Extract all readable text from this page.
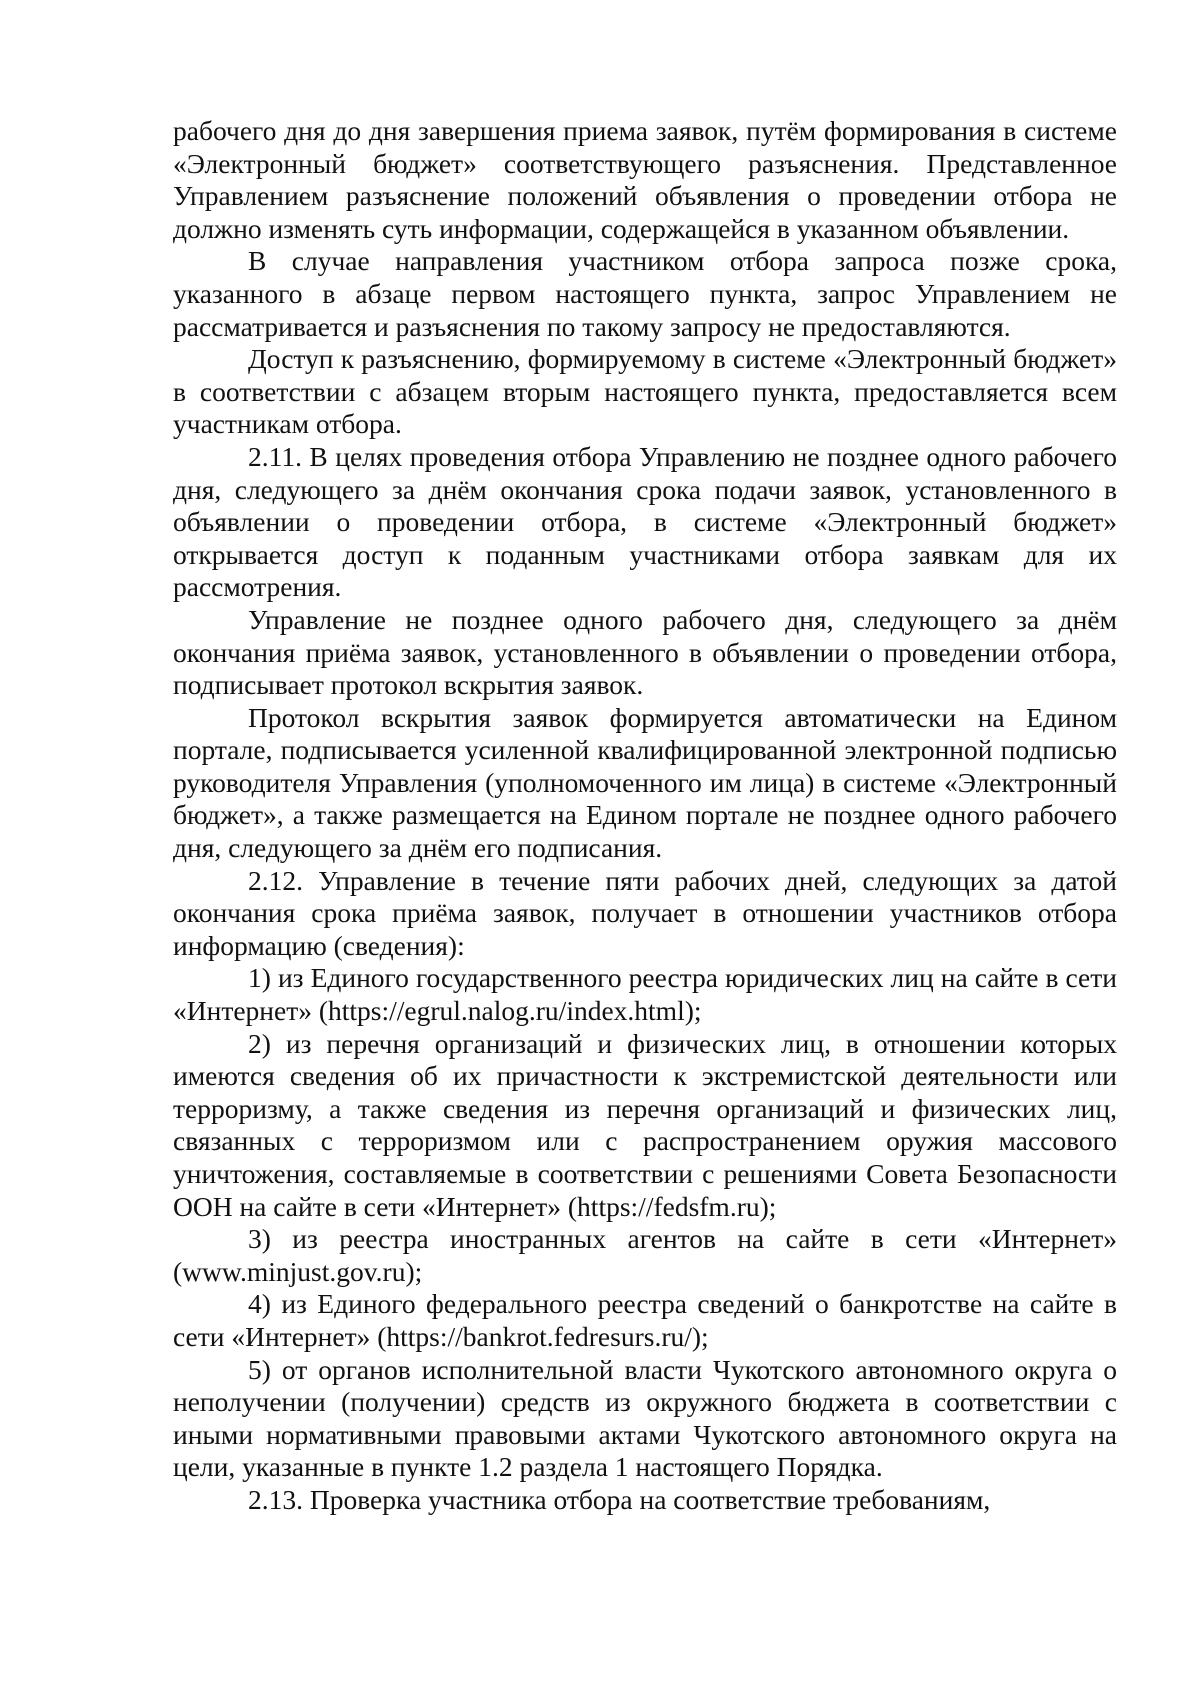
рабочего дня до дня завершения приема заявок, путём формирования в системе «Электронный бюджет» соответствующего разъяснения. Представленное Управлением разъяснение положений объявления о проведении отбора не должно изменять суть информации, содержащейся в указанном объявлении.

В случае направления участником отбора запроса позже срока, указанного в абзаце первом настоящего пункта, запрос Управлением не рассматривается и разъяснения по такому запросу не предоставляются.

Доступ к разъяснению, формируемому в системе «Электронный бюджет» в соответствии с абзацем вторым настоящего пункта, предоставляется всем участникам отбора.

2.11. В целях проведения отбора Управлению не позднее одного рабочего дня, следующего за днём окончания срока подачи заявок, установленного в объявлении о проведении отбора, в системе «Электронный бюджет» открывается доступ к поданным участниками отбора заявкам для их рассмотрения.

Управление не позднее одного рабочего дня, следующего за днём окончания приёма заявок, установленного в объявлении о проведении отбора, подписывает протокол вскрытия заявок.

Протокол вскрытия заявок формируется автоматически на Едином портале, подписывается усиленной квалифицированной электронной подписью руководителя Управления (уполномоченного им лица) в системе «Электронный бюджет», а также размещается на Едином портале не позднее одного рабочего дня, следующего за днём его подписания.

2.12. Управление в течение пяти рабочих дней, следующих за датой окончания срока приёма заявок, получает в отношении участников отбора информацию (сведения):

1) из Единого государственного реестра юридических лиц на сайте в сети «Интернет» (https://egrul.nalog.ru/index.html);

2) из перечня организаций и физических лиц, в отношении которых имеются сведения об их причастности к экстремистской деятельности или терроризму, а также сведения из перечня организаций и физических лиц, связанных с терроризмом или с распространением оружия массового уничтожения, составляемые в соответствии с решениями Совета Безопасности ООН на сайте в сети «Интернет» (https://fedsfm.ru);

3) из реестра иностранных агентов на сайте в сети «Интернет» (www.minjust.gov.ru);

4) из Единого федерального реестра сведений о банкротстве на сайте в сети «Интернет» (https://bankrot.fedresurs.ru/);

5) от органов исполнительной власти Чукотского автономного округа о неполучении (получении) средств из окружного бюджета в соответствии с иными нормативными правовыми актами Чукотского автономного округа на цели, указанные в пункте 1.2 раздела 1 настоящего Порядка.

2.13. Проверка участника отбора на соответствие требованиям,
